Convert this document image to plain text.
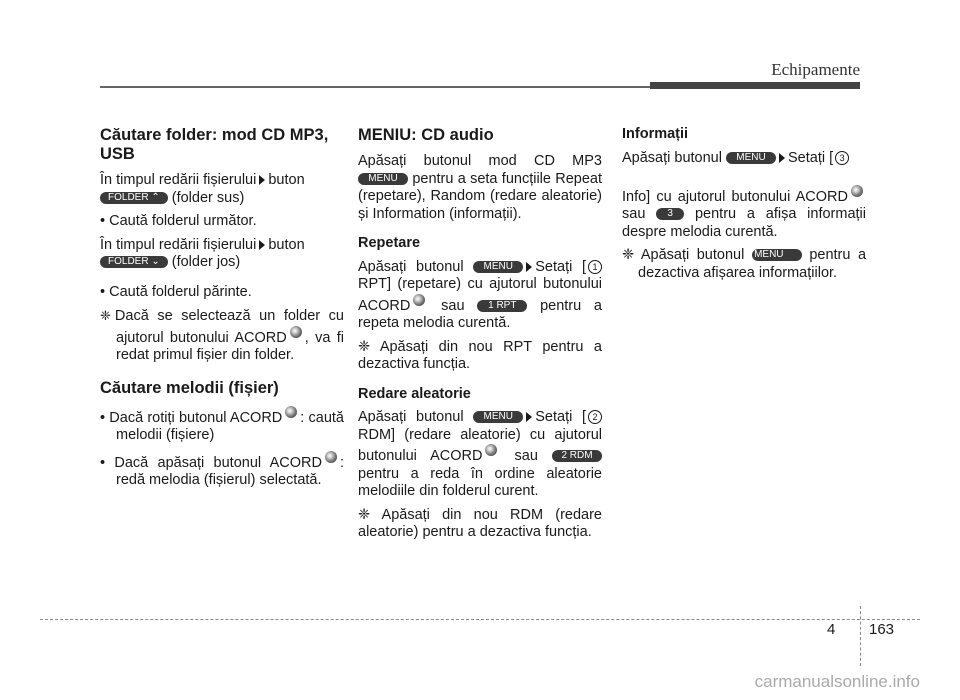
Echipamente
Căutare folder: mod CD MP3, USB

În timpul redării fișierului buton
FOLDER ⌃ (folder sus)

• Caută folderul următor.

În timpul redării fișierului buton
FOLDER ⌄ (folder jos)

• Caută folderul părinte.

❈ Dacă se selectează un folder cu ajutorul butonului ACORD , va fi redat primul fișier din folder.

Căutare melodii (fișier)

• Dacă rotiți butonul ACORD : caută melodii (fișiere)

• Dacă apăsați butonul ACORD : redă melodia (fișierul) selectată.

MENIU: CD audio

Apăsați butonul mod CD MP3 MENU pentru a seta funcțiile Repeat (repetare), Random (redare aleatorie) și Information (informații).

Repetare

Apăsați butonul MENU Setați [ 1 RPT] (repetare) cu ajutorul butonului ACORD sau 1 RPT pentru a repeta melodia curentă.

❈ Apăsați din nou RPT pentru a dezactiva funcția.

Redare aleatorie

Apăsați butonul MENU Setați [ 2 RDM] (redare aleatorie) cu ajutorul butonului ACORD sau 2 RDM pentru a reda în ordine aleatorie melodiile din folderul curent.

❈ Apăsați din nou RDM (redare aleatorie) pentru a dezactiva funcția.

Informații

Apăsați butonul MENU Setați [ 3

Info] cu ajutorul butonului ACORD sau 3 pentru a afișa informații despre melodia curentă.

❈ Apăsați butonul MENU pentru a dezactiva afișarea informațiilor.

4 163
carmanualsonline.info
